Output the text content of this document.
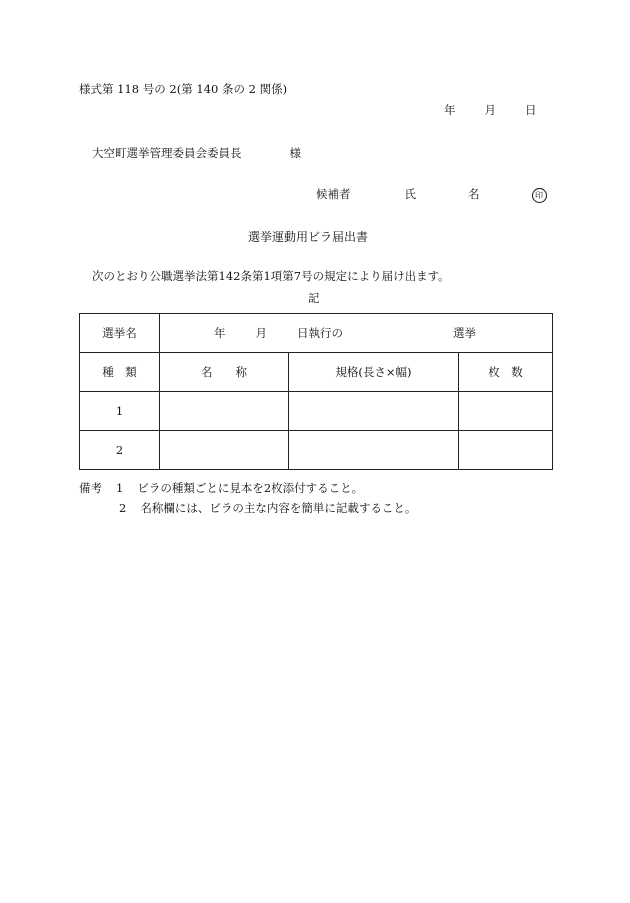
様式第 118 号の 2(第 140 条の 2 関係)
年	月	日
大空町選挙管理委員会委員長	様
候補者	氏	名	印
選挙運動用ビラ届出書
次のとおり公職選挙法第142条第1項第7号の規定により届け出ます。
記
選挙名	年 月 日執行の 選挙		
種　類	名　　称	規格(長さ×幅)	枚　数
1			
2			
備考 1 ビラの種類ごとに見本を2枚添付すること。
2 名称欄には、ビラの主な内容を簡単に記載すること。
